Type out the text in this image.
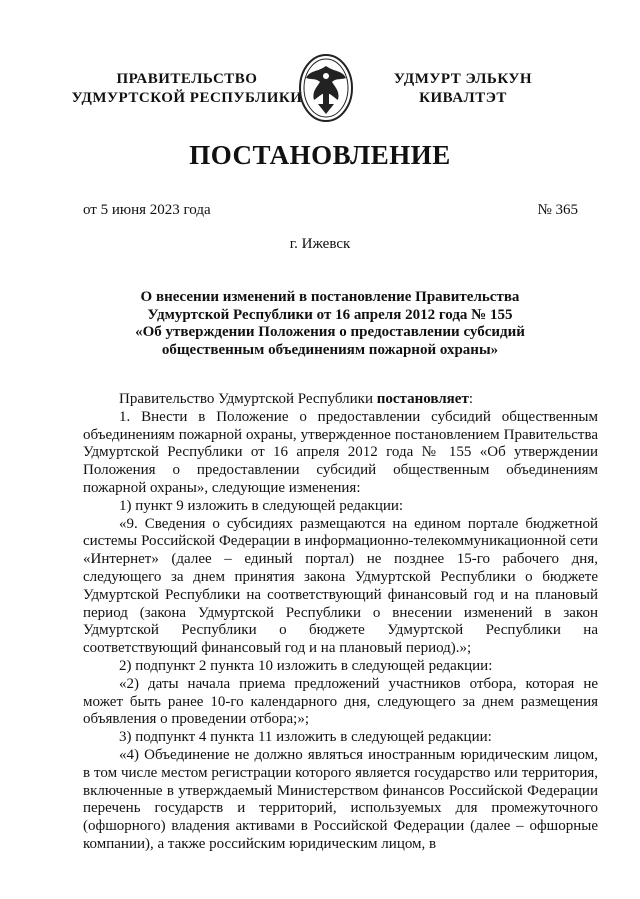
ПРАВИТЕЛЬСТВО
УДМУРТСКОЙ РЕСПУБЛИКИ
УДМУРТ ЭЛЬКУН
КИВАЛТЭТ
ПОСТАНОВЛЕНИЕ
от 5 июня 2023 года	№ 365
г. Ижевск
О внесении изменений в постановление Правительства
Удмуртской Республики от 16 апреля 2012 года № 155
«Об утверждении Положения о предоставлении субсидий
общественным объединениям пожарной охраны»

Правительство Удмуртской Республики постановляет:

1. Внести в Положение о предоставлении субсидий общественным объединениям пожарной охраны, утвержденное постановлением Правительства Удмуртской Республики от 16 апреля 2012 года № 155 «Об утверждении Положения о предоставлении субсидий общественным объединениям пожарной охраны», следующие изменения:

1) пункт 9 изложить в следующей редакции:

«9. Сведения о субсидиях размещаются на едином портале бюджетной системы Российской Федерации в информационно-телекоммуникационной сети «Интернет» (далее – единый портал) не позднее 15-го рабочего дня, следующего за днем принятия закона Удмуртской Республики о бюджете Удмуртской Республики на соответствующий финансовый год и на плановый период (закона Удмуртской Республики о внесении изменений в закон Удмуртской Республики о бюджете Удмуртской Республики на соответствующий финансовый год и на плановый период).»;

2) подпункт 2 пункта 10 изложить в следующей редакции:

«2) даты начала приема предложений участников отбора, которая не может быть ранее 10-го календарного дня, следующего за днем размещения объявления о проведении отбора;»;

3) подпункт 4 пункта 11 изложить в следующей редакции:

«4) Объединение не должно являться иностранным юридическим лицом, в том числе местом регистрации которого является государство или территория, включенные в утверждаемый Министерством финансов Российской Федерации перечень государств и территорий, используемых для промежуточного (офшорного) владения активами в Российской Федерации (далее – офшорные компании), а также российским юридическим лицом, в
